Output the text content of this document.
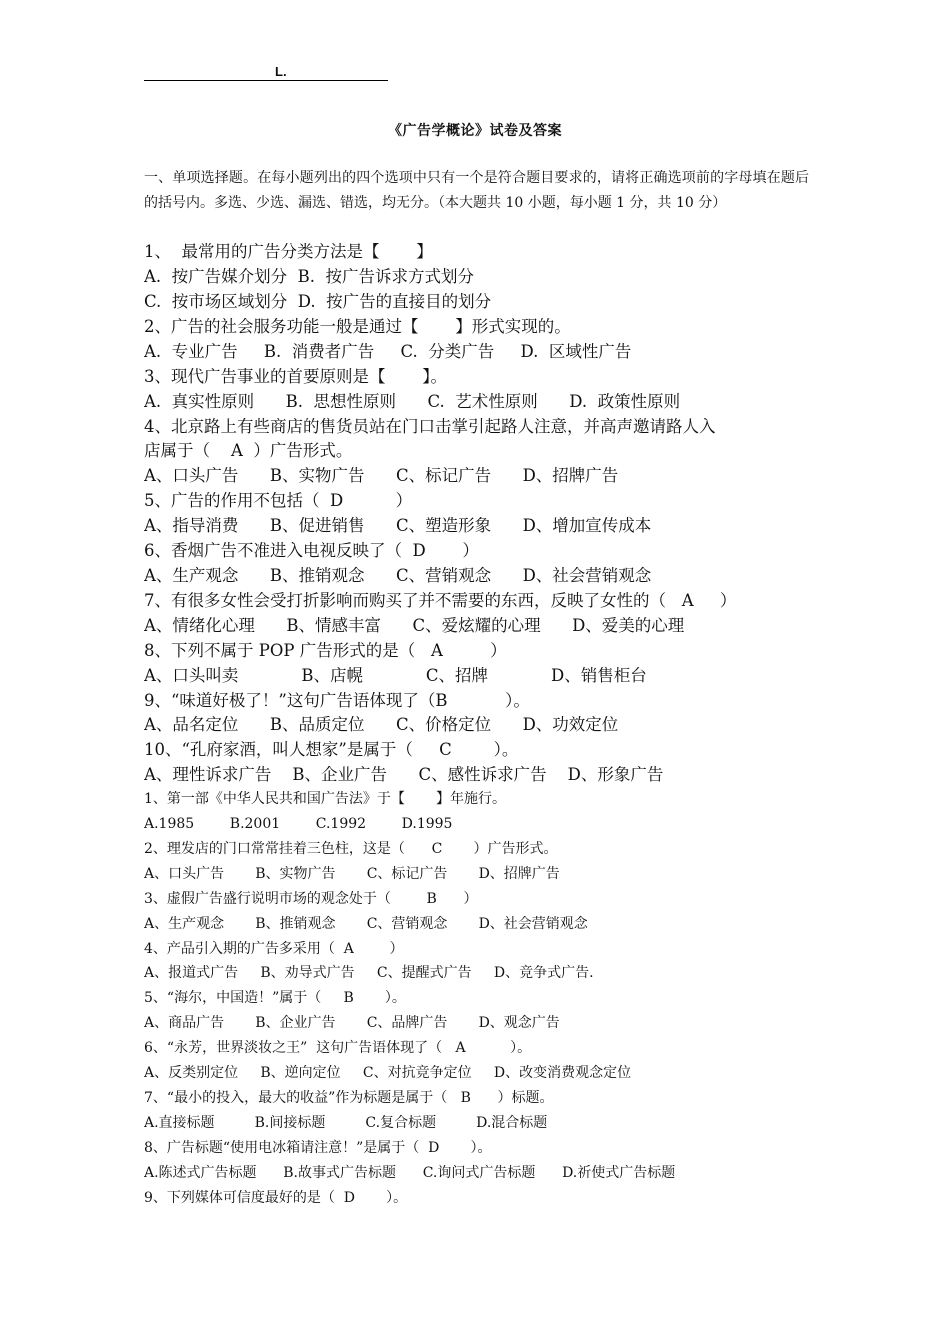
L.
《广告学概论》试卷及答案
一、单项选择题。在每小题列出的四个选项中只有一个是符合题目要求的，请将正确选项前的字母填在题后的括号内。多选、少选、漏选、错选，均无分。（本大题共 10 小题，每小题 1 分，共 10 分）
1、  最常用的广告分类方法是【       】
A.  按广告媒介划分  B.  按广告诉求方式划分
C.  按市场区域划分  D.  按广告的直接目的划分
2、广告的社会服务功能一般是通过【       】形式实现的。
A.  专业广告     B.  消费者广告     C.  分类广告     D.  区域性广告
3、现代广告事业的首要原则是【       】。
A.  真实性原则      B.  思想性原则      C.  艺术性原则      D.  政策性原则
4、北京路上有些商店的售货员站在门口击掌引起路人注意，并高声邀请路人入
店属于（    A  ）广告形式。
A、口头广告      B、实物广告      C、标记广告      D、招牌广告
5、广告的作用不包括（  D          ）
A、指导消费      B、促进销售      C、塑造形象      D、增加宣传成本
6、香烟广告不准进入电视反映了（  D       ）
A、生产观念      B、推销观念      C、营销观念      D、社会营销观念
7、有很多女性会受打折影响而购买了并不需要的东西，反映了女性的（   A     ）
A、情绪化心理      B、情感丰富      C、爱炫耀的心理      D、爱美的心理
8、下列不属于 POP 广告形式的是（   A         ）
A、口头叫卖            B、店幌            C、招牌            D、销售柜台
9、“味道好极了！”这句广告语体现了（B           ）。
A、品名定位      B、品质定位      C、价格定位      D、功效定位
10、“孔府家酒，叫人想家”是属于（     C        ）。
A、理性诉求广告    B、企业广告      C、感性诉求广告    D、形象广告
1、第一部《中华人民共和国广告法》于【       】年施行。
A.1985        B.2001        C.1992        D.1995
2、理发店的门口常常挂着三色柱，这是（      C       ）广告形式。
A、口头广告       B、实物广告       C、标记广告       D、招牌广告
3、虚假广告盛行说明市场的观念处于（        B      ）
A、生产观念       B、推销观念       C、营销观念       D、社会营销观念
4、产品引入期的广告多采用（  A        ）
A、报道式广告     B、劝导式广告     C、提醒式广告     D、竞争式广告.
5、“海尔，中国造！”属于（     B       ）。
A、商品广告       B、企业广告       C、品牌广告       D、观念广告
6、“永芳，世界淡妆之王”  这句广告语体现了（   A          ）。
A、反类别定位     B、逆向定位     C、对抗竞争定位     D、改变消费观念定位
7、“最小的投入，最大的收益”作为标题是属于（   B      ）标题。
A.直接标题         B.间接标题         C.复合标题         D.混合标题
8、广告标题“使用电冰箱请注意！”是属于（  D       ）。
A.陈述式广告标题      B.故事式广告标题      C.询问式广告标题      D.祈使式广告标题
9、下列媒体可信度最好的是（  D       ）。
